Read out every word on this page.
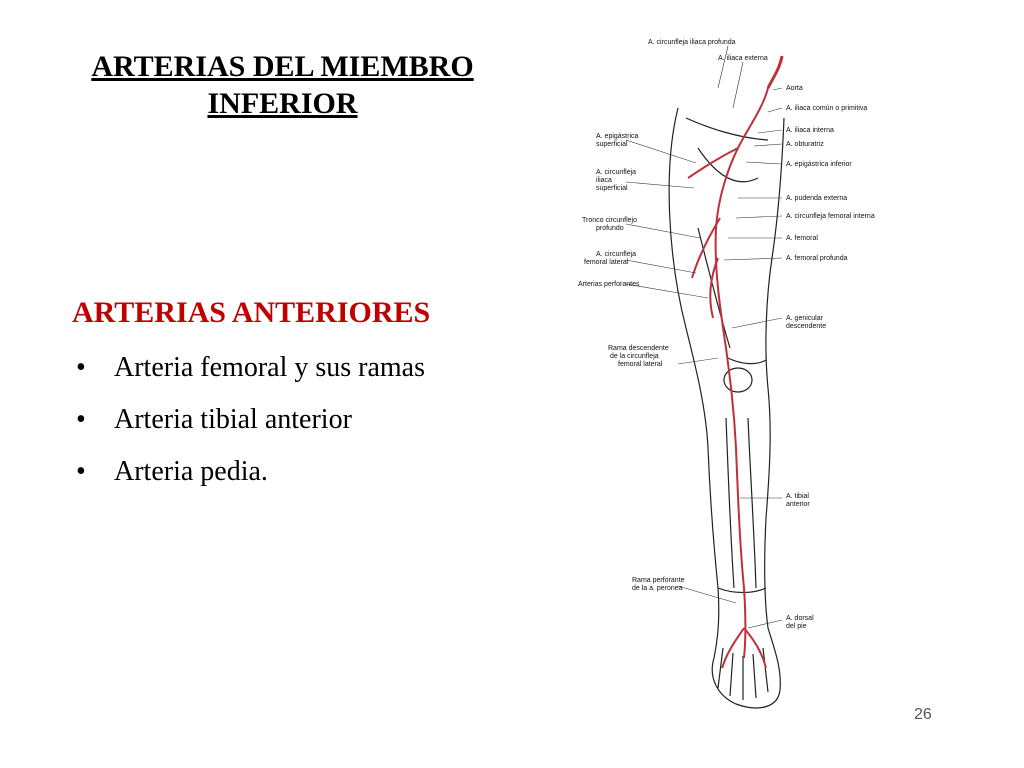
ARTERIAS DEL MIEMBRO
INFERIOR
ARTERIAS ANTERIORES
• Arteria femoral y sus ramas
• Arteria tibial anterior
• Arteria pedia.
A. circunfleja iliaca profunda
A. iliaca externa
Aorta
A. iliaca común o primitiva
A. iliaca interna
A. obturatriz
A. epigástrica inferior
A. pudenda externa
A. circunfleja femoral interna
A. femoral
A. femoral profunda
A. genicular
descendente
A. tibial
anterior
A. dorsal
del pie
A. epigástrica
superficial
A. circunfleja
iliaca
superficial
Tronco circunflejo
profundo
A. circunfleja
femoral lateral
Arterias perforantes
Rama descendente
de la circunfleja
femoral lateral
Rama perforante
de la a. peronea
26
